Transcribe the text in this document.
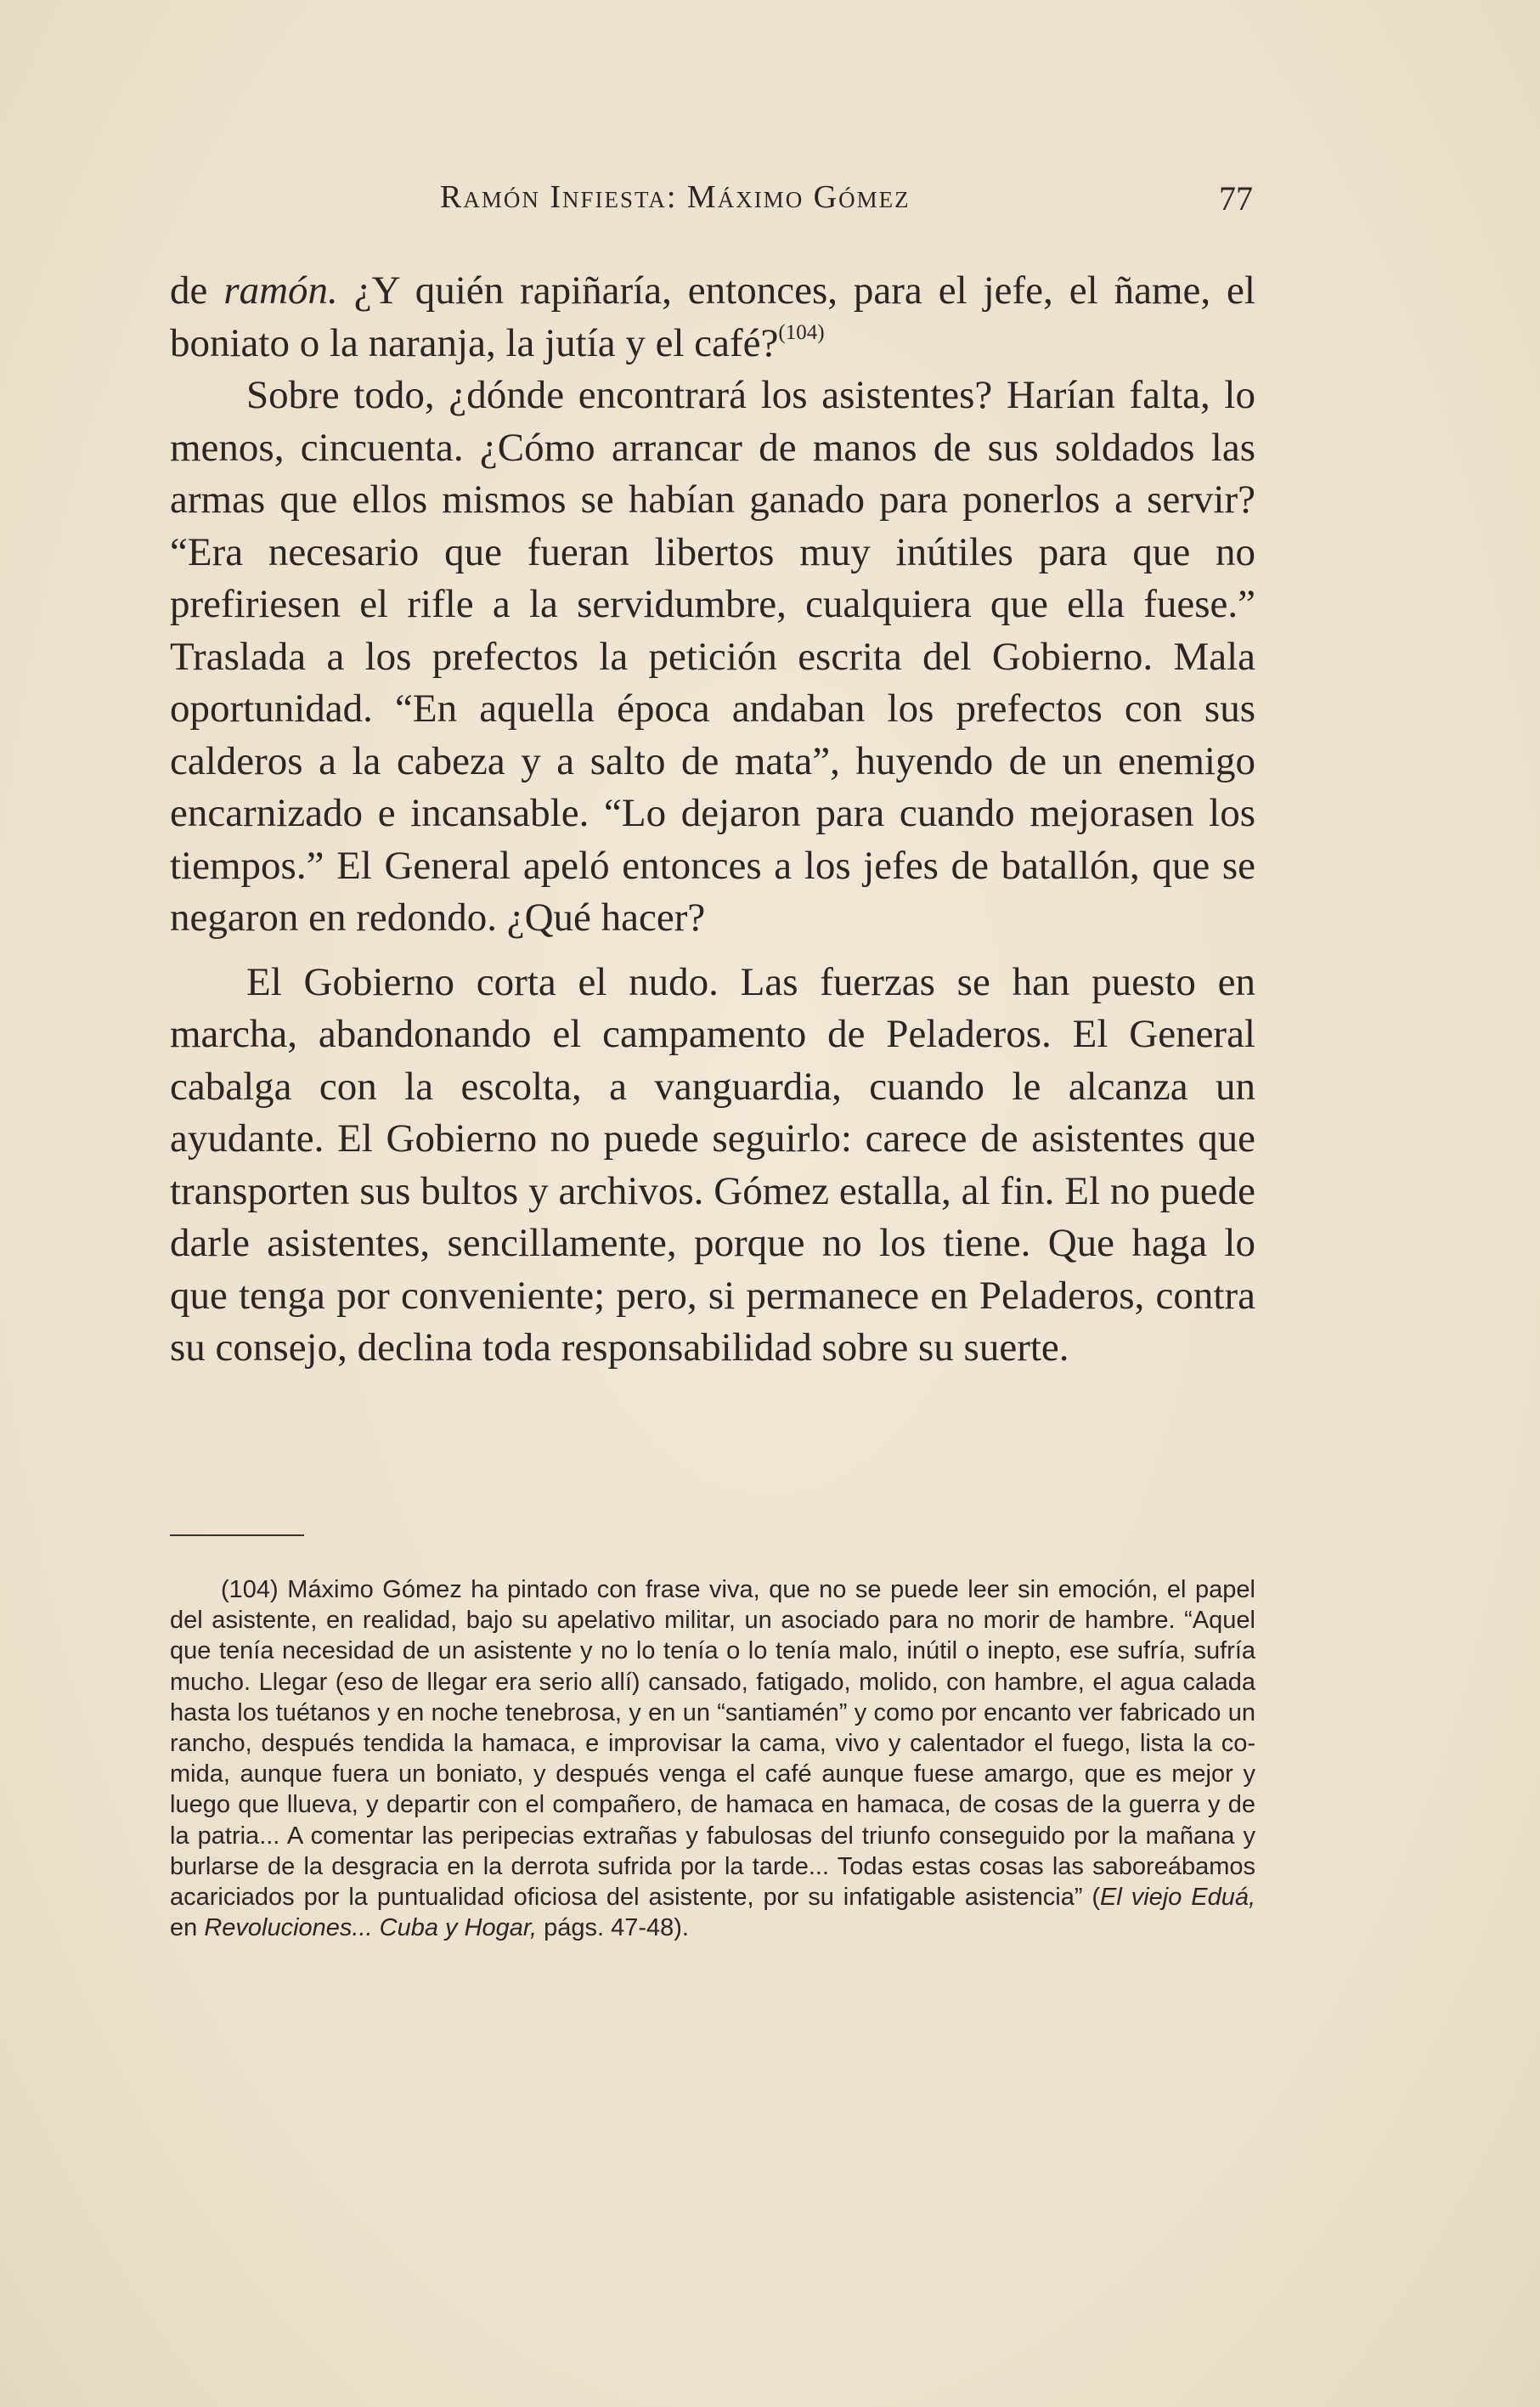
Ramón Infiesta: Máximo Gómez	77

de ramón. ¿Y quién rapiñaría, entonces, para el jefe, el ñame, el boniato o la naranja, la jutía y el café?$^{(104)}$

Sobre todo, ¿dónde encontrará los asistentes? Harían falta, lo menos, cincuenta. ¿Cómo arrancar de manos de sus soldados las armas que ellos mismos se habían ganado para ponerlos a servir? “Era necesario que fueran libertos muy inútiles para que no prefiriesen el rifle a la servidumbre, cualquiera que ella fuese.” Traslada a los prefectos la petición escrita del Gobierno. Mala oportunidad. “En aquella época andaban los prefectos con sus calderos a la cabeza y a salto de mata”, huyendo de un enemigo encarnizado e incansable. “Lo dejaron para cuando mejorasen los tiempos.” El General apeló entonces a los jefes de batallón, que se negaron en redondo. ¿Qué hacer?

El Gobierno corta el nudo. Las fuerzas se han puesto en marcha, abandonando el campamento de Peladeros. El General cabalga con la escolta, a vanguardia, cuando le alcanza un ayudante. El Gobierno no puede seguirlo: carece de asistentes que transporten sus bultos y archivos. Gómez estalla, al fin. El no puede darle asistentes, sencillamente, porque no los tiene. Que haga lo que tenga por conveniente; pero, si permanece en Peladeros, contra su consejo, declina toda responsabilidad sobre su suerte.

(104) Máximo Gómez ha pintado con frase viva, que no se puede leer sin emoción, el papel del asistente, en realidad, bajo su apelativo militar, un asociado para no morir de hambre. “Aquel que tenía necesidad de un asistente y no lo tenía o lo tenía malo, inútil o inepto, ese sufría, sufría mucho. Llegar (eso de llegar era serio allí) cansado, fatigado, molido, con hambre, el agua calada hasta los tuétanos y en noche tenebrosa, y en un “santiamén” y como por encanto ver fabricado un rancho, después tendida la hamaca, e improvisar la cama, vivo y calentador el fuego, lista la comida, aunque fuera un boniato, y después venga el café aunque fuese amargo, que es mejor y luego que llueva, y departir con el compañero, de hamaca en hamaca, de cosas de la guerra y de la patria... A comentar las peripecias extrañas y fabulosas del triunfo conseguido por la mañana y burlarse de la desgracia en la derrota sufrida por la tarde... Todas estas cosas las saboreábamos acariciados por la puntualidad oficiosa del asistente, por su infatigable asistencia” (El viejo Eduá, en Revoluciones... Cuba y Hogar, págs. 47-48).
